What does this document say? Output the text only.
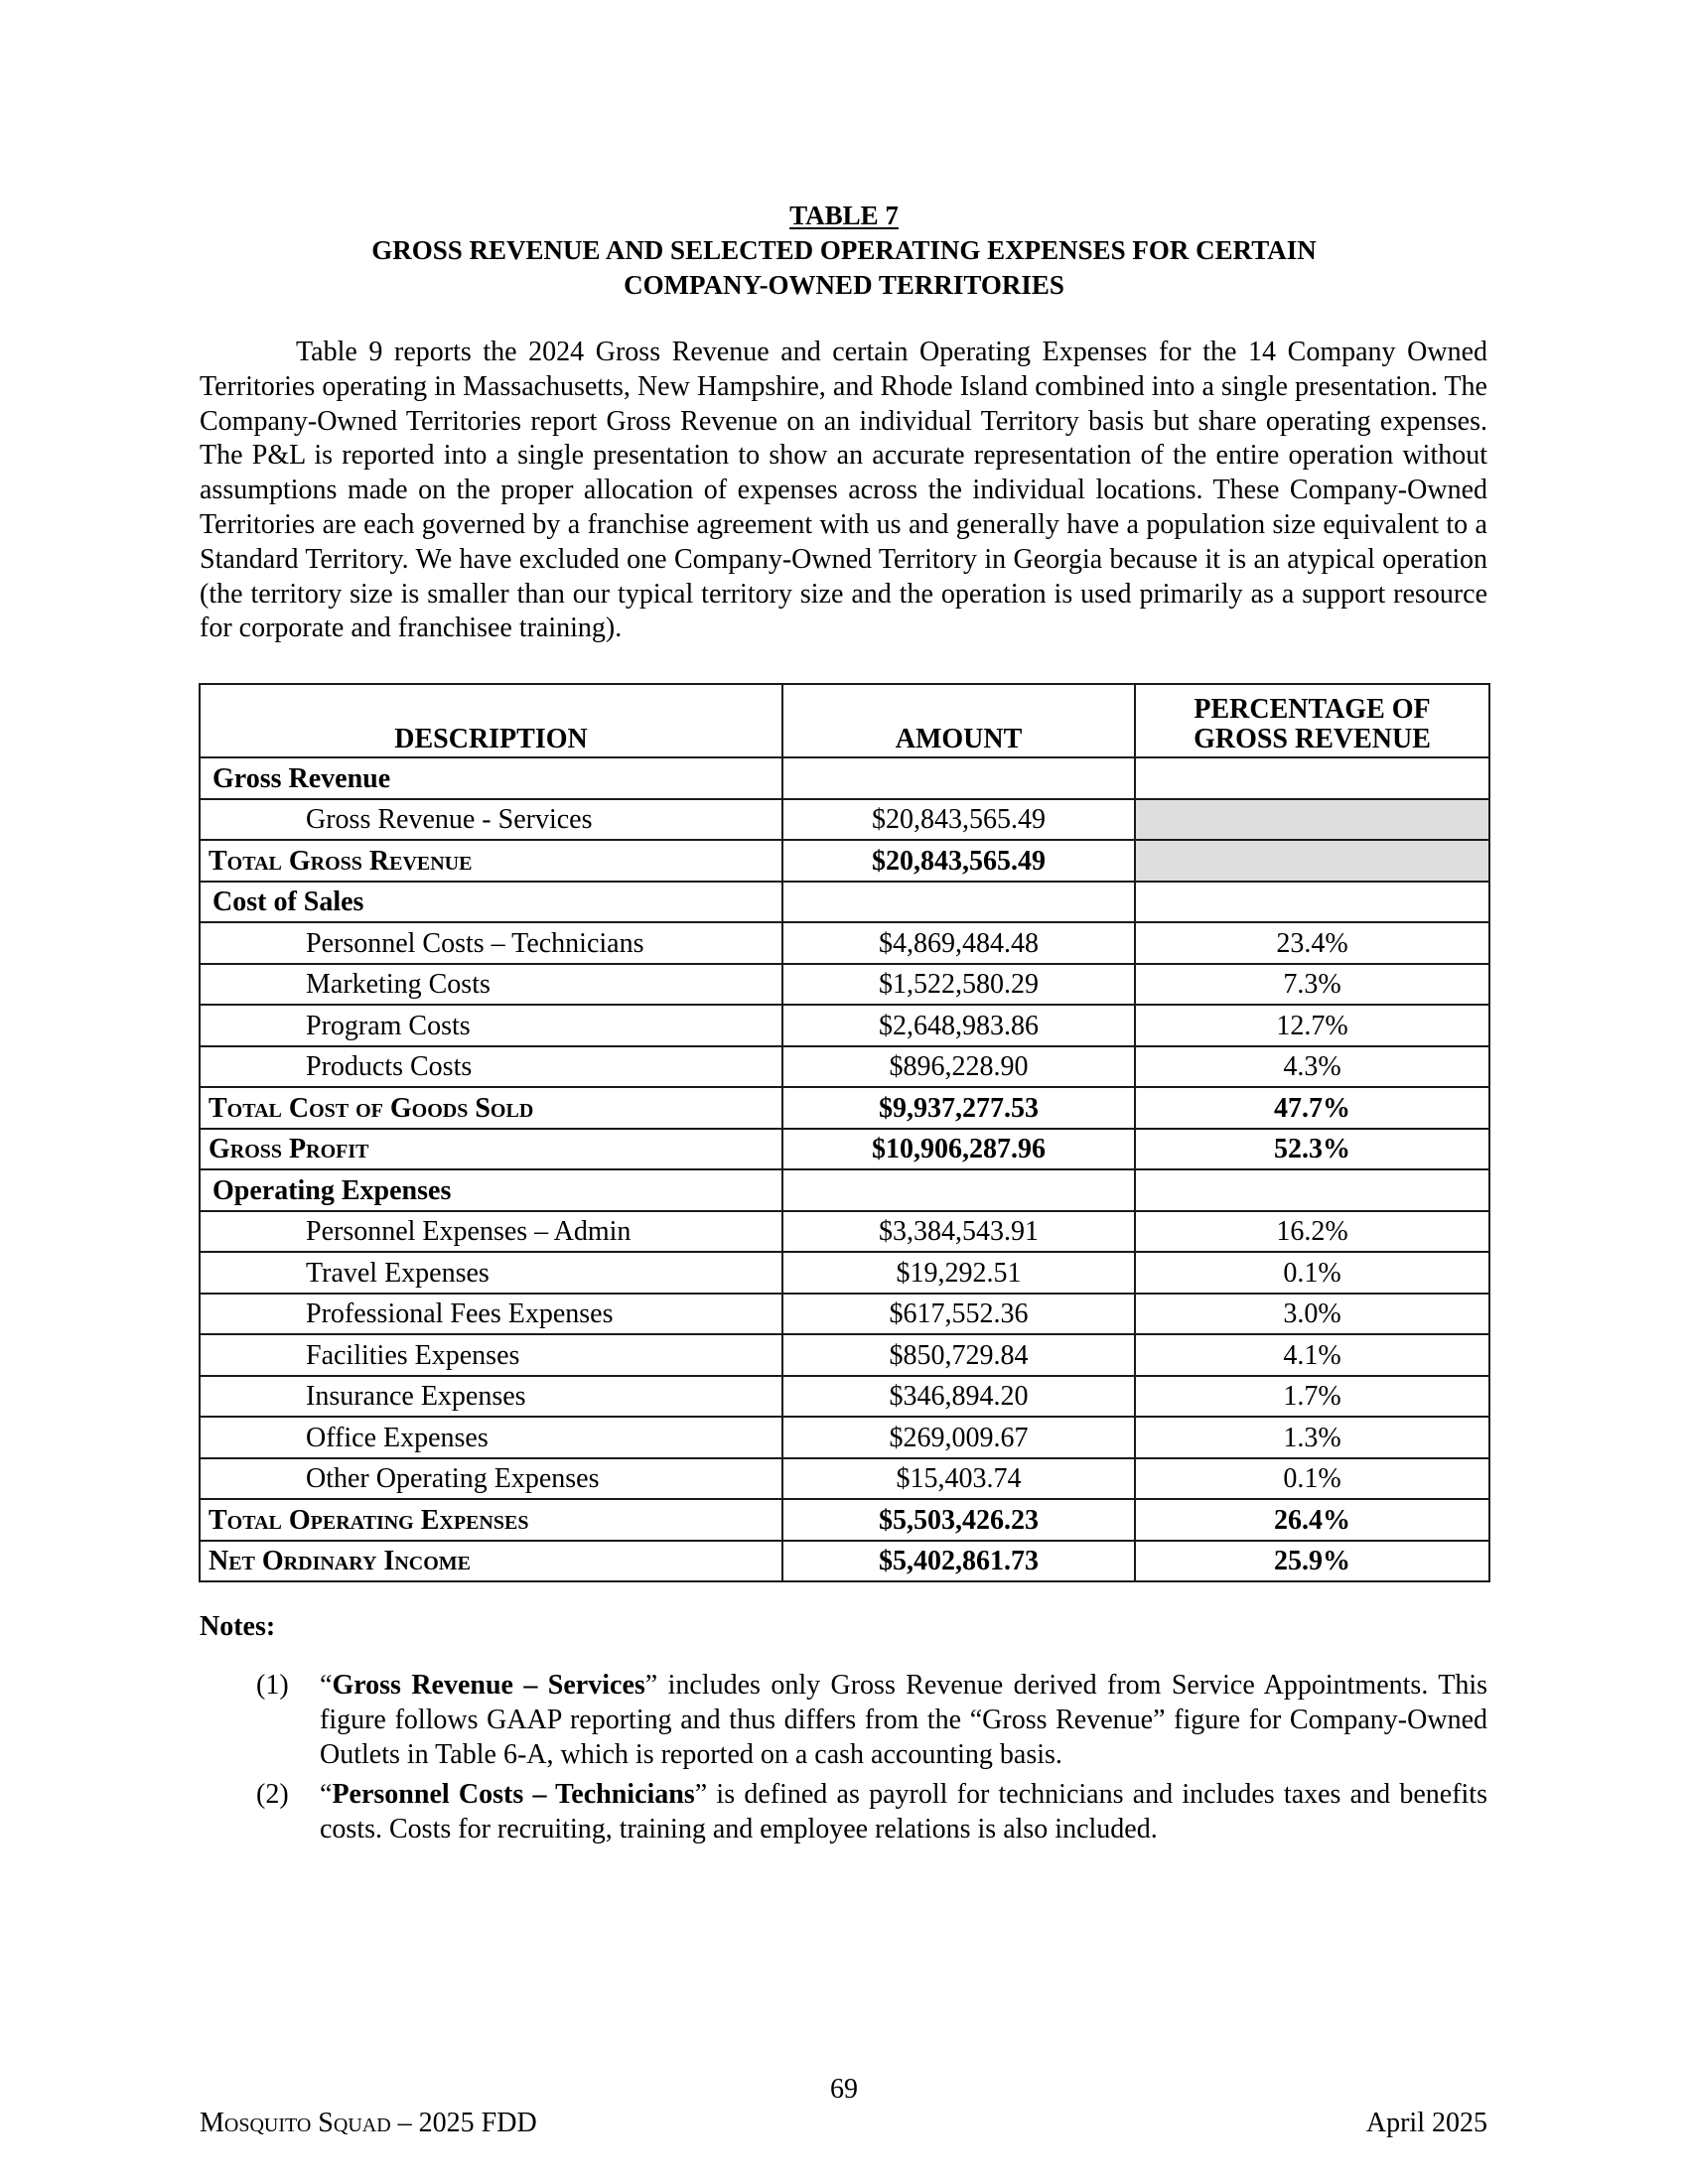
TABLE 7
GROSS REVENUE AND SELECTED OPERATING EXPENSES FOR CERTAIN
COMPANY-OWNED TERRITORIES

Table 9 reports the 2024 Gross Revenue and certain Operating Expenses for the 14 Company Owned Territories operating in Massachusetts, New Hampshire, and Rhode Island combined into a single presentation. The Company-Owned Territories report Gross Revenue on an individual Territory basis but share operating expenses. The P&L is reported into a single presentation to show an accurate representation of the entire operation without assumptions made on the proper allocation of expenses across the individual locations. These Company-Owned Territories are each governed by a franchise agreement with us and generally have a population size equivalent to a Standard Territory. We have excluded one Company-Owned Territory in Georgia because it is an atypical operation (the territory size is smaller than our typical territory size and the operation is used primarily as a support resource for corporate and franchisee training).

DESCRIPTION	AMOUNT	PERCENTAGE OF
GROSS REVENUE

Gross Revenue		
Gross Revenue - Services	$20,843,565.49	
Total Gross Revenue	$20,843,565.49	
Cost of Sales		
Personnel Costs – Technicians	$4,869,484.48	23.4%
Marketing Costs	$1,522,580.29	7.3%
Program Costs	$2,648,983.86	12.7%
Products Costs	$896,228.90	4.3%
Total Cost of Goods Sold	$9,937,277.53	47.7%
Gross Profit	$10,906,287.96	52.3%
Operating Expenses		
Personnel Expenses – Admin	$3,384,543.91	16.2%
Travel Expenses	$19,292.51	0.1%
Professional Fees Expenses	$617,552.36	3.0%
Facilities Expenses	$850,729.84	4.1%
Insurance Expenses	$346,894.20	1.7%
Office Expenses	$269,009.67	1.3%
Other Operating Expenses	$15,403.74	0.1%
Total Operating Expenses	$5,503,426.23	26.4%
Net Ordinary Income	$5,402,861.73	25.9%
Notes:
(1)	“Gross Revenue – Services” includes only Gross Revenue derived from Service Appointments. This figure follows GAAP reporting and thus differs from the “Gross Revenue” figure for Company-Owned Outlets in Table 6-A, which is reported on a cash accounting basis.
(2)	“Personnel Costs – Technicians” is defined as payroll for technicians and includes taxes and benefits costs. Costs for recruiting, training and employee relations is also included.
69
Mosquito Squad – 2025 FDD	April 2025
